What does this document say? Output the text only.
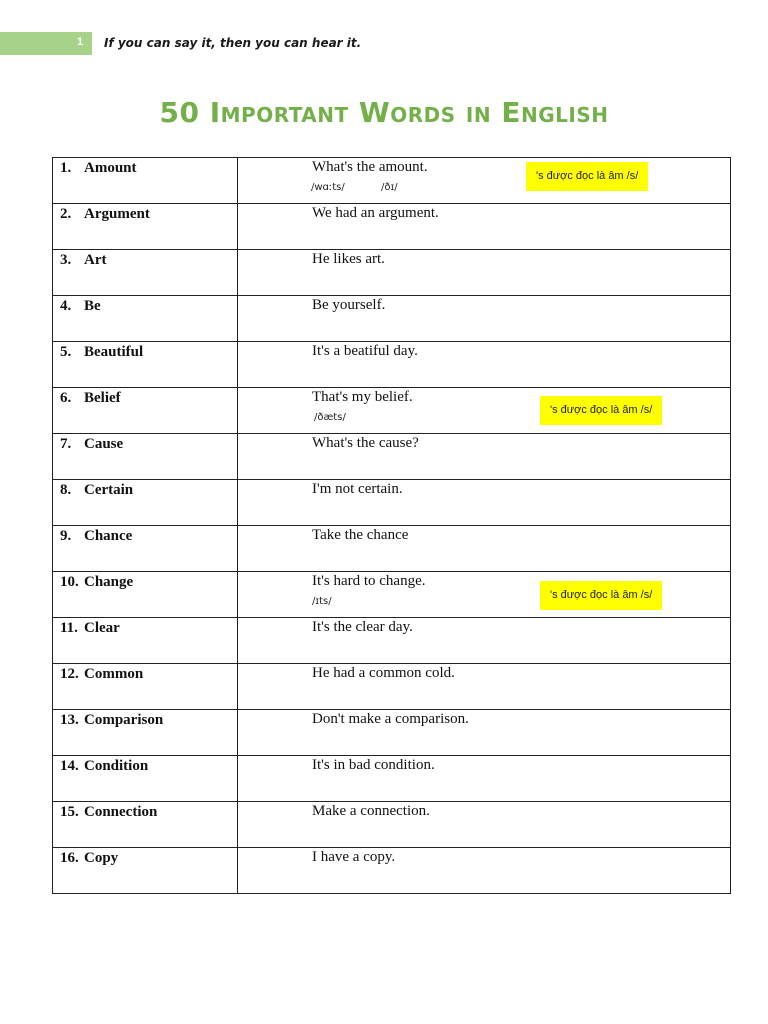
1 If you can say it, then you can hear it.
50 Important Words in English
1. Amount	What's the amount.
/wɑːts/ /ðɪ/
's được đọc là âm /s/

2. Argument	We had an argument.

3. Art	He likes art.

4. Be	Be yourself.

5. Beautiful	It's a beatiful day.

6. Belief	That's my belief.
/ðæts/
's được đọc là âm /s/

7. Cause	What's the cause?

8. Certain	I'm not certain.

9. Chance	Take the chance

10. Change	It's hard to change.
/ɪts/
's được đọc là âm /s/

11. Clear	It's the clear day.

12. Common	He had a common cold.

13. Comparison	Don't make a comparison.

14. Condition	It's in bad condition.

15. Connection	Make a connection.

16. Copy	I have a copy.
